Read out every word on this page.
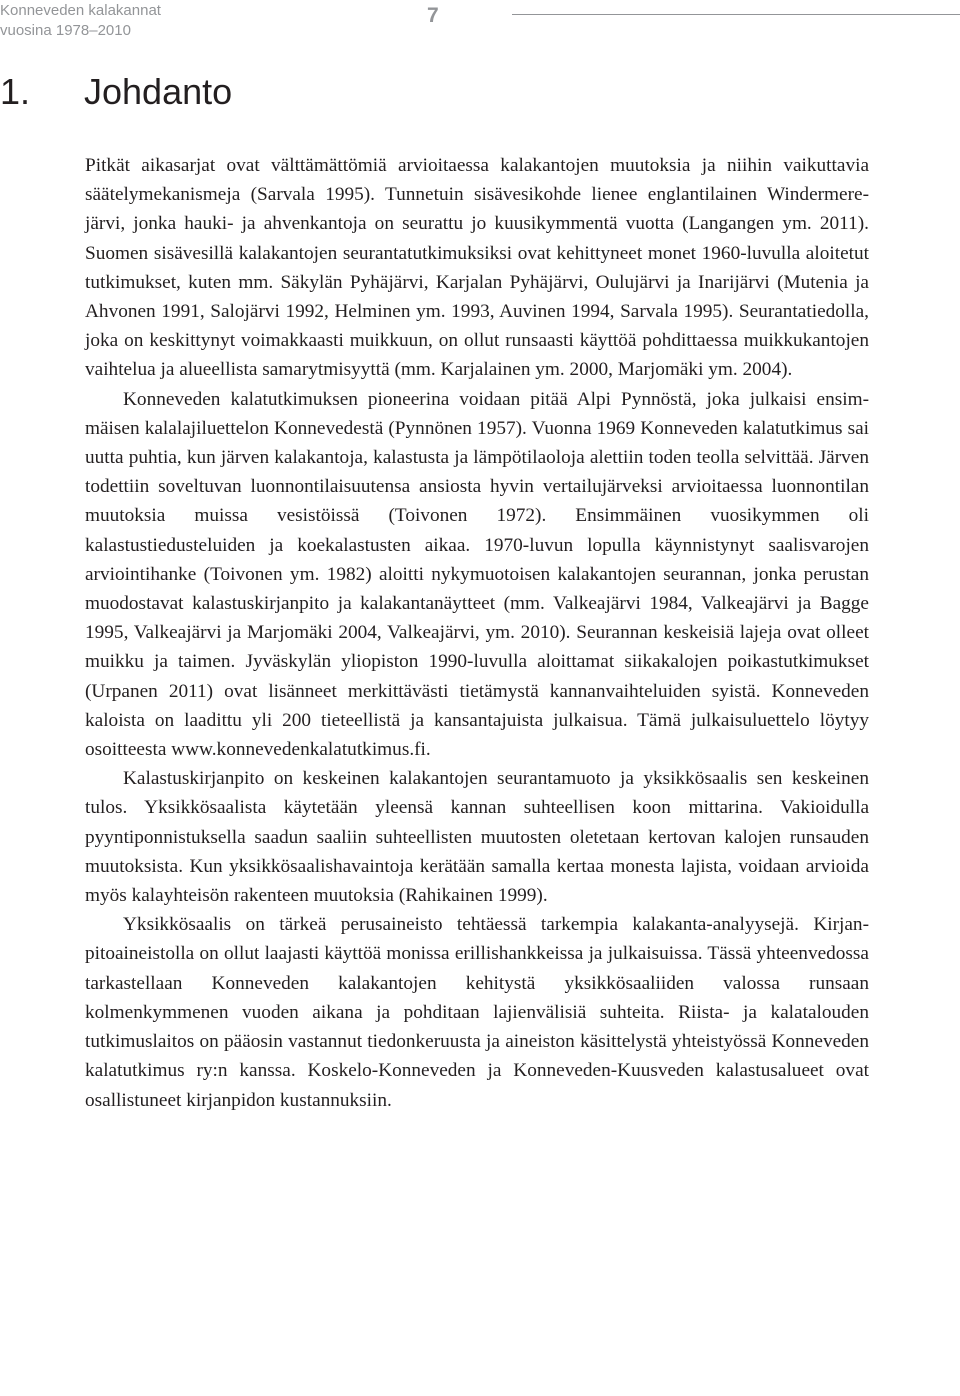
Konneveden kalakannat
vuosina 1978–2010
7
1. Johdanto

Pitkät aikasarjat ovat välttämättömiä arvioitaessa kalakantojen muutoksia ja niihin vaikuttavia säätelymekanismeja (Sarvala 1995). Tunnetuin sisävesikohde lienee englantilainen Windermere-järvi, jonka hauki- ja ahvenkantoja on seurattu jo kuusikymmentä vuotta (Langangen ym. 2011). Suomen sisävesillä kalakantojen seurantatutkimuksiksi ovat kehittyneet monet 1960-luvulla aloitetut tutkimukset, kuten mm. Säkylän Pyhäjärvi, Karjalan Pyhäjärvi, Oulujärvi ja Inarijärvi (Mutenia ja Ahvonen 1991, Salojärvi 1992, Helminen ym. 1993, Auvinen 1994, Sarvala 1995). Seurantatiedolla, joka on keskittynyt voimakkaasti muikkuun, on ollut runsaasti käyttöä pohdittaessa muikkukantojen vaihtelua ja alueellista samarytmisyyttä (mm. Karjalainen ym. 2000, Marjomäki ym. 2004).

Konneveden kalatutkimuksen pioneerina voidaan pitää Alpi Pynnöstä, joka julkaisi ensimmäisen kalalajiluettelon Konnevedestä (Pynnönen 1957). Vuonna 1969 Konneveden kalatutkimus sai uutta puhtia, kun järven kalakantoja, kalastusta ja lämpötilaoloja alettiin toden teolla selvittää. Järven todettiin soveltuvan luonnontilaisuutensa ansiosta hyvin vertailujärveksi arvioitaessa luonnontilan muutoksia muissa vesistöissä (Toivonen 1972). Ensimmäinen vuosikymmen oli kalastustiedusteluiden ja koekalastusten aikaa. 1970-luvun lopulla käynnistynyt saalisvarojen arviointihanke (Toivonen ym. 1982) aloitti nykymuotoisen kalakantojen seurannan, jonka perustan muodostavat kalastuskirjanpito ja kalakantanäytteet (mm. Valkeajärvi 1984, Valkeajärvi ja Bagge 1995, Valkeajärvi ja Marjomäki 2004, Valkeajärvi, ym. 2010). Seurannan keskeisiä lajeja ovat olleet muikku ja taimen. Jyväskylän yliopiston 1990-luvulla aloittamat siikakalojen poikastutkimukset (Urpanen 2011) ovat lisänneet merkittävästi tietämystä kannanvaihteluiden syistä. Konneveden kaloista on laadittu yli 200 tieteellistä ja kansantajuista julkaisua. Tämä julkaisuluettelo löytyy osoitteesta www.konnevedenkalatutkimus.fi.

Kalastuskirjanpito on keskeinen kalakantojen seurantamuoto ja yksikkösaalis sen keskeinen tulos. Yksikkösaalista käytetään yleensä kannan suhteellisen koon mittarina. Vakioidulla pyyntiponnistuksella saadun saaliin suhteellisten muutosten oletetaan kertovan kalojen runsauden muutoksista. Kun yksikkösaalishavaintoja kerätään samalla kertaa monesta lajista, voidaan arvioida myös kalayhteisön rakenteen muutoksia (Rahikainen 1999).

Yksikkösaalis on tärkeä perusaineisto tehtäessä tarkempia kalakanta-analyysejä. Kirjanpitoaineistolla on ollut laajasti käyttöä monissa erillishankkeissa ja julkaisuissa. Tässä yhteenvedossa tarkastellaan Konneveden kalakantojen kehitystä yksikkösaaliiden valossa runsaan kolmenkymmenen vuoden aikana ja pohditaan lajienvälisiä suhteita. Riista- ja kalatalouden tutkimuslaitos on pääosin vastannut tiedonkeruusta ja aineiston käsittelystä yhteistyössä Konneveden kalatutkimus ry:n kanssa. Koskelo-Konneveden ja Konneveden-Kuusveden kalastusalueet ovat osallistuneet kirjanpidon kustannuksiin.
